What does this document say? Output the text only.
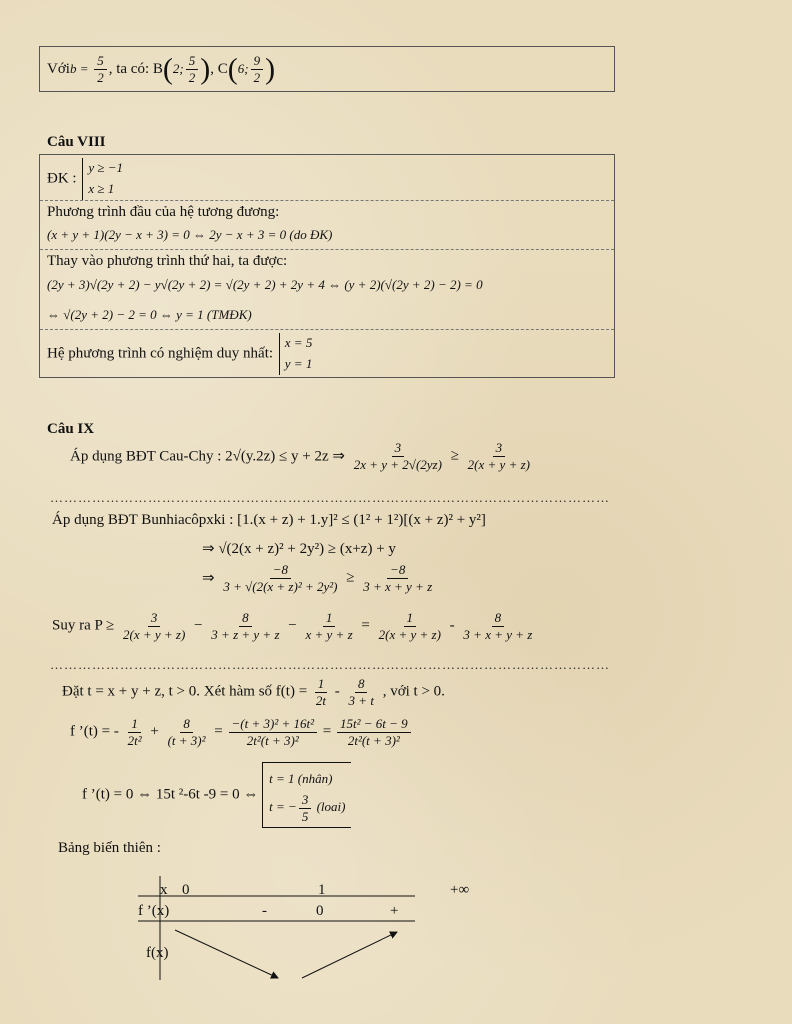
Vớib = $\frac{5}{2}$ , ta có: B(2; $\frac{5}{2}$ ), C(6; $\frac{9}{2}$ )
Câu VIII
ĐK :
y ≥ −1
x ≥ 1
Phương trình đầu của hệ tương đương:
(x + y + 1)(2y − x + 3) = 0 ⇔ 2y − x + 3 = 0 (do ĐK)
Thay vào phương trình thứ hai, ta được:
(2y + 3)√(2y + 2) − y√(2y + 2) = √(2y + 2) + 2y + 4 ⇔ (y + 2)(√(2y + 2) − 2) = 0
⇔ √(2y + 2) − 2 = 0 ⇔ y = 1 (TMĐK)
Hệ phương trình có nghiệm duy nhất:
x = 5
y = 1
Câu IX
Áp dụng BĐT Cau-Chy : 2√(y.2z) ≤ y + 2z ⇒ $\frac{3}{2x + y + 2√(2yz)} \ge \frac{3}{2(x + y + z)}$
…………………………………………………………………………………………………………
Áp dụng BĐT Bunhiacôpxki : [1.(x + z) + 1.y]² ≤ (1² + 1²)[(x + z)² + y²]
⇒ √(2(x + z)² + 2y²) ≥ (x+z) + y
⇒ $\frac{-8}{\text{3 + √(2(x + z)² + 2y²)}} \ge \frac{-8}{3 + x + y + z}$
Suy ra $P \ge \frac{3}{2(x + y + z)} - \frac{8}{3 + z + y + z} - \frac{1}{x + y + z} = \frac{1}{2(x + y + z)} - \frac{8}{3 + x + y + z}$
…………………………………………………………………………………………………………
Đặt t = x + y + z, t > 0. Xét hàm số $f(t) = \frac{1}{2t} - \frac{8}{3 + t}$ , với t > 0.
f ’(t) = - $\frac{1}{\text{2t²}} + \frac{8}{\text{(t + 3)²}} = \frac{\text{−(t + 3)² + 16t²}}{\text{2t²(t + 3)²}} = \frac{\text{15t² − 6t − 9}}{\text{2t²(t + 3)²}}$
f ’(t) = 0 ⇔ 15t ²-6t -9 = 0 ⇔
t = 1 (nhân)
t = − $\frac{3}{5}$ (loai)
Bảng biến thiên :
x 0	1	+∞
f ’(x)	-	0	+
f(x)
